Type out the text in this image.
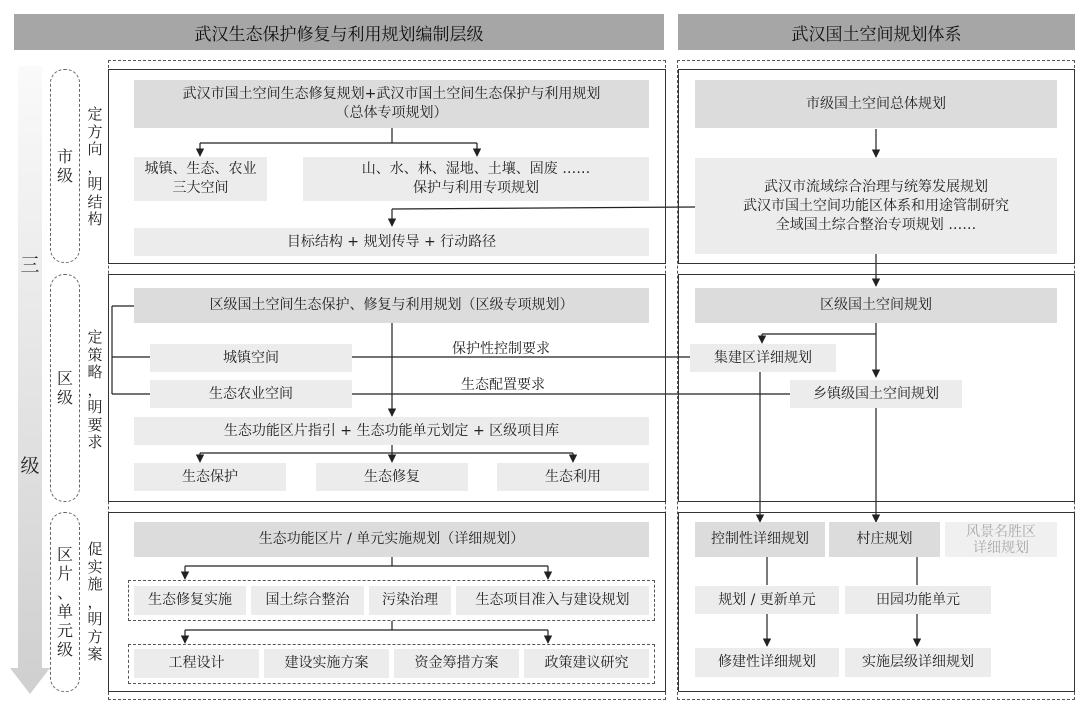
武汉生态保护修复与利用规划编制层级	武汉国土空间规划体系
三
级
市
级
区
级
区
片
、
单
元
级
定
方
向
，
明
结
构
定
策
略
，
明
要
求
促
实
施
，
明
方
案
武汉市国土空间生态修复规划+武汉市国土空间生态保护与利用规划
（总体专项规划）
城镇、生态、农业
三大空间
山、水、林、湿地、土壤、固废 ……
保护与利用专项规划
目标结构 + 规划传导 + 行动路径
市级国土空间总体规划
武汉市流域综合治理与统筹发展规划
武汉市国土空间功能区体系和用途管制研究
全域国土综合整治专项规划 ……
区级国土空间生态保护、修复与利用规划（区级专项规划）
城镇空间
生态农业空间
保护性控制要求
生态配置要求
生态功能区片指引 + 生态功能单元划定 + 区级项目库
生态保护	生态修复	生态利用
区级国土空间规划
集建区详细规划
乡镇级国土空间规划
生态功能区片 / 单元实施规划（详细规划）
生态修复实施	国土综合整治	污染治理	生态项目准入与建设规划
工程设计	建设实施方案	资金筹措方案	政策建议研究
控制性详细规划	村庄规划	风景名胜区
详细规划
规划 / 更新单元	田园功能单元
修建性详细规划	实施层级详细规划
